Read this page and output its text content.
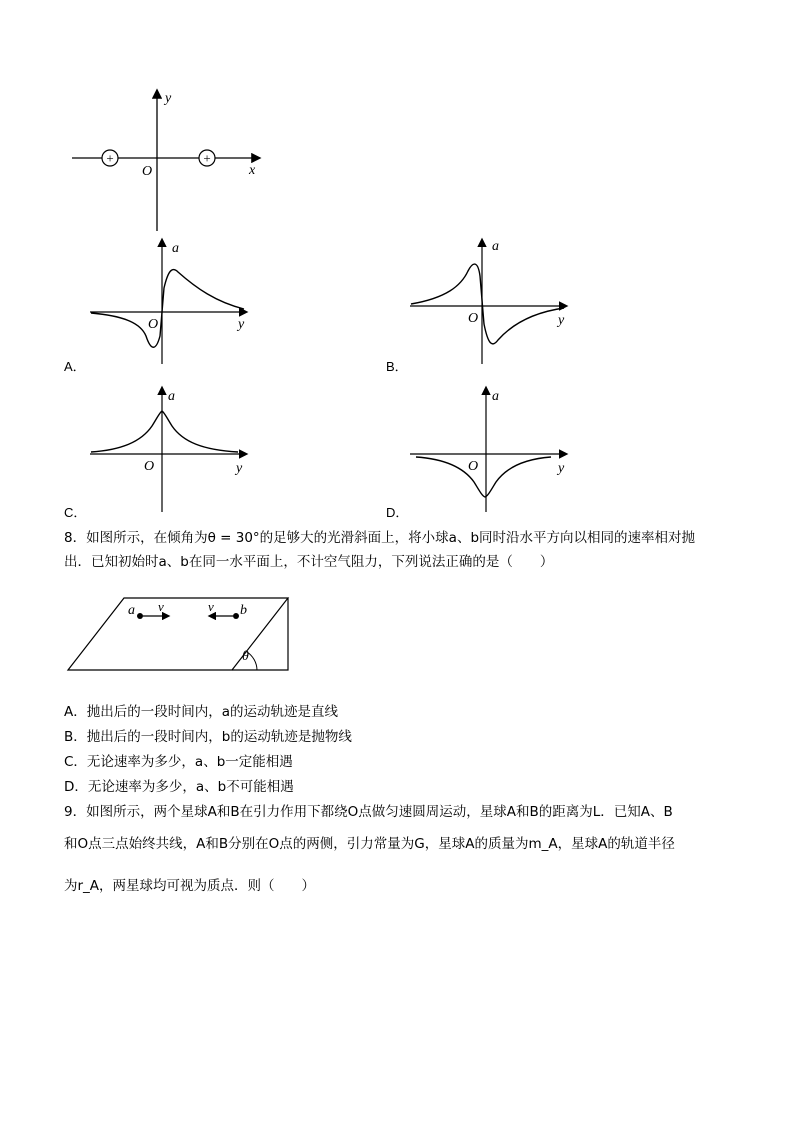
+	+
y
x
O
a
y
O
A．
a
y
O
B．
a
y
O
C．
a
y
O
D．
8．如图所示，在倾角为θ = 30°的足够大的光滑斜面上，将小球a、b同时沿水平方向以相同的速率相对抛
出．已知初始时a、b在同一水平面上，不计空气阻力，下列说法正确的是（　　）
θ
a v	b
v
A．抛出后的一段时间内，a的运动轨迹是直线
B．抛出后的一段时间内，b的运动轨迹是抛物线
C．无论速率为多少，a、b一定能相遇
D．无论速率为多少，a、b不可能相遇
9．如图所示，两个星球A和B在引力作用下都绕O点做匀速圆周运动，星球A和B的距离为L．已知A、B
和O点三点始终共线，A和B分别在O点的两侧，引力常量为G，星球A的质量为m_A，星球A的轨道半径
为r_A，两星球均可视为质点．则（　　）
